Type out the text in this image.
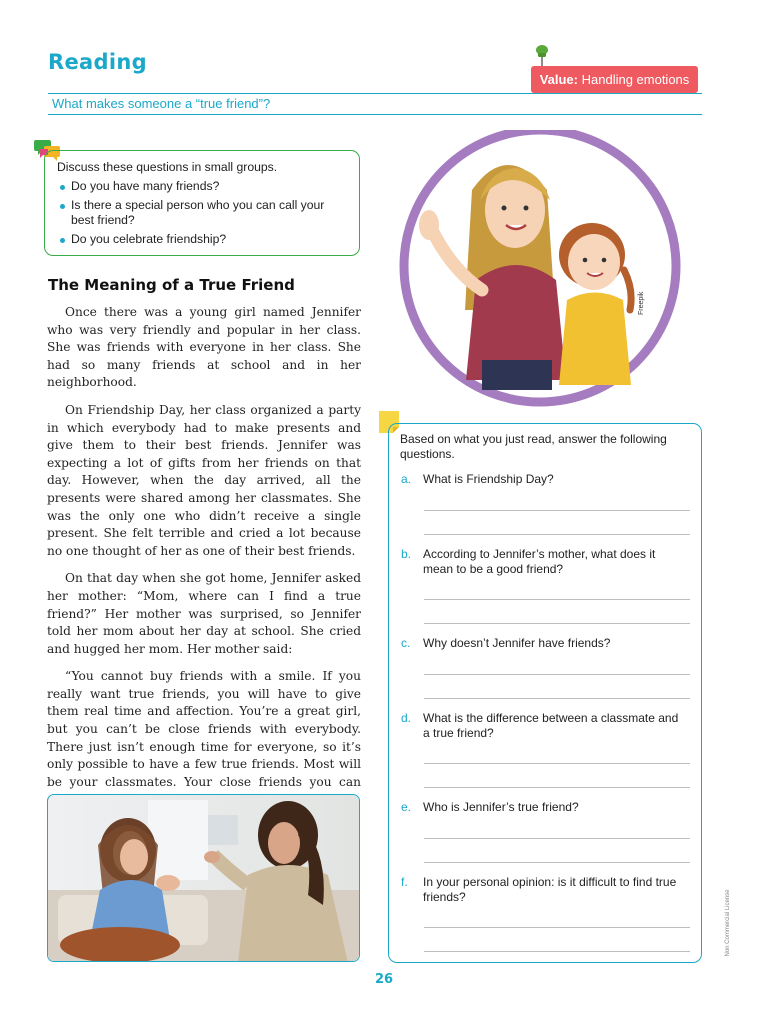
Reading
Value: Handling emotions
What makes someone a “true friend”?
Discuss these questions in small groups.
Do you have many friends?
Is there a special person who you can call your best friend?
Do you celebrate friendship?
The Meaning of a True Friend

Once there was a young girl named Jennifer who was very friendly and popular in her class. She was friends with everyone in her class. She had so many friends at school and in her neighborhood.

On Friendship Day, her class organized a party in which everybody had to make presents and give them to their best friends. Jennifer was expecting a lot of gifts from her friends on that day. However, when the day arrived, all the presents were shared among her classmates. She was the only one who didn’t receive a single present. She felt terrible and cried a lot because no one thought of her as one of their best friends.

On that day when she got home, Jennifer asked her mother: “Mom, where can I find a true friend?” Her mother was surprised, so Jennifer told her mom about her day at school. She cried and hugged her mom. Her mother said:

“You cannot buy friends with a smile. If you really want true friends, you will have to give them real time and affection. You’re a great girl, but you can’t be close friends with everybody. There just isn’t enough time for everyone, so it’s only possible to have a few true friends. Most will be your classmates. Your close friends you can

Freepik
Based on what you just read, answer the following questions.
a. What is Friendship Day?
b. According to Jennifer’s mother, what does it mean to be a good friend?
c. Why doesn’t Jennifer have friends?
d. What is the difference between a classmate and a true friend?
e. Who is Jennifer’s true friend?
f. In your personal opinion: is it difficult to find true friends?
26
Non Commercial License
